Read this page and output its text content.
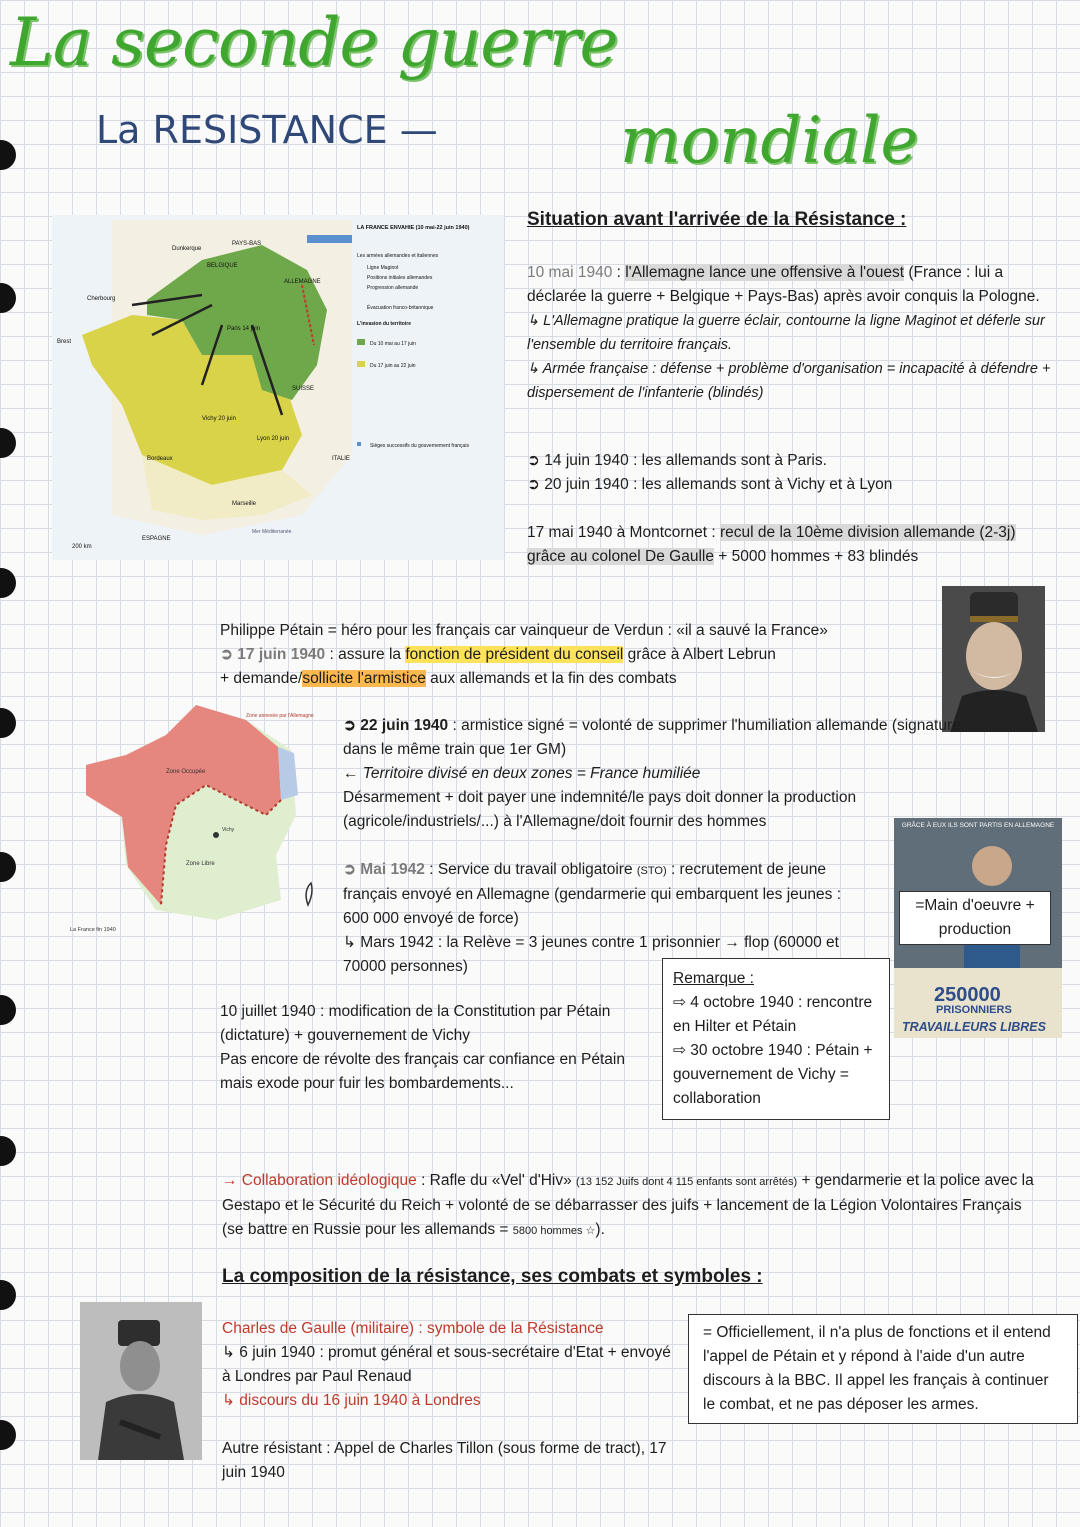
La seconde guerre
La RESISTANCE —	mondiale
Paris 14 juin
Bordeaux
Vichy 20 juin
Lyon 20 juin
Marseille
ESPAGNE
SUISSE
ITALIE
Cherbourg
Brest
Dunkerque
PAYS-BAS
BELGIQUE
ALLEMAGNE
200 km
Mer Méditerranée
LA FRANCE ENVAHIE (10 mai-22 juin 1940)
Les armées allemandes et italiennes
Ligne Maginot
Positions initiales allemandes
Progression allemande
Évacuation franco-britannique
L'invasion du territoire
Du 10 mai au 17 juin
Du 17 juin au 22 juin
Sièges successifs du gouvernement français
Situation avant l'arrivée de la Résistance :
10 mai 1940 : l'Allemagne lance une offensive à l'ouest (France : lui a déclarée la guerre + Belgique + Pays-Bas) après avoir conquis la Pologne.
↳ L'Allemagne pratique la guerre éclair, contourne la ligne Maginot et déferle sur l'ensemble du territoire français.
↳ Armée française : défense + problème d'organisation = incapacité à défendre + dispersement de l'infanterie (blindés)
➲ 14 juin 1940 : les allemands sont à Paris.
➲ 20 juin 1940 : les allemands sont à Vichy et à Lyon
17 mai 1940 à Montcornet : recul de la 10ème division allemande (2-3j) grâce au colonel De Gaulle + 5000 hommes + 83 blindés
Philippe Pétain = héro pour les français car vainqueur de Verdun : «il a sauvé la France»
➲ 17 juin 1940 : assure la fonction de président du conseil grâce à Albert Lebrun
+ demande/sollicite l'armistice aux allemands et la fin des combats
Zone Occupée
Zone Libre
Vichy
Zone annexée par l'Allemagne
La France fin 1940
➲ 22 juin 1940 : armistice signé = volonté de supprimer l'humiliation allemande (signature dans le même train que 1er GM)
← Territoire divisé en deux zones = France humiliée
Désarmement + doit payer une indemnité/le pays doit donner la production (agricole/industriels/...) à l'Allemagne/doit fournir des hommes
➲ Mai 1942 : Service du travail obligatoire (STO) : recrutement de jeune français envoyé en Allemagne (gendarmerie qui embarquent les jeunes : 600 000 envoyé de force)
↳ Mars 1942 : la Relève = 3 jeunes contre 1 prisonnier → flop (60000 et 70000 personnes)
GRÂCE À EUX ILS SONT PARTIS EN ALLEMAGNE
=Main d'oeuvre + production
250000
PRISONNIERS
TRAVAILLEURS LIBRES
10 juillet 1940 : modification de la Constitution par Pétain (dictature) + gouvernement de Vichy
Pas encore de révolte des français car confiance en Pétain mais exode pour fuir les bombardements...
Remarque :
⇨ 4 octobre 1940 : rencontre en Hilter et Pétain
⇨ 30 octobre 1940 : Pétain + gouvernement de Vichy = collaboration
→ Collaboration idéologique : Rafle du «Vel' d'Hiv» (13 152 Juifs dont 4 115 enfants sont arrêtés) + gendarmerie et la police avec la Gestapo et le Sécurité du Reich + volonté de se débarrasser des juifs + lancement de la Légion Volontaires Français (se battre en Russie pour les allemands = 5800 hommes ☆).
La composition de la résistance, ses combats et symboles :
Charles de Gaulle (militaire) : symbole de la Résistance
↳ 6 juin 1940 : promut général et sous-secrétaire d'Etat + envoyé à Londres par Paul Renaud
↳ discours du 16 juin 1940 à Londres
Autre résistant : Appel de Charles Tillon (sous forme de tract), 17 juin 1940
= Officiellement, il n'a plus de fonctions et il entend l'appel de Pétain et y répond à l'aide d'un autre discours à la BBC. Il appel les français à continuer le combat, et ne pas déposer les armes.
